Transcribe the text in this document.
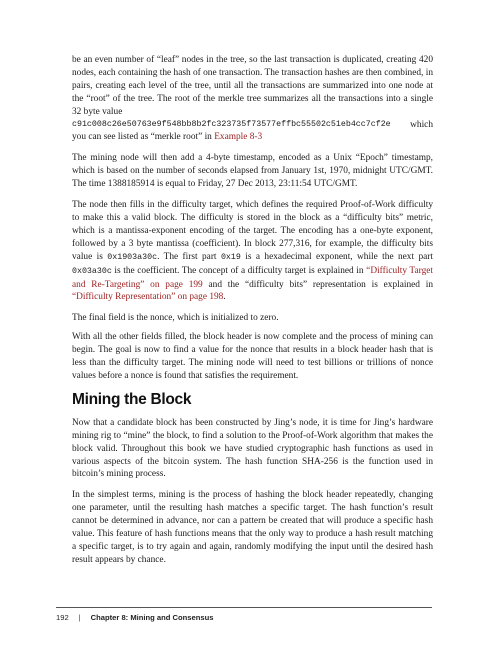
be an even number of “leaf” nodes in the tree, so the last transaction is duplicated, creating 420 nodes, each containing the hash of one transaction. The transaction hashes are then combined, in pairs, creating each level of the tree, until all the transactions are summarized into one node at the “root” of the tree. The root of the merkle tree summarizes all the transactions into a single 32 byte value
c91c008c26e50763e9f548bb8b2fc323735f73577effbc55502c51eb4cc7cf2e which
you can see listed as “merkle root” in Example 8-3

The mining node will then add a 4-byte timestamp, encoded as a Unix “Epoch” timestamp, which is based on the number of seconds elapsed from January 1st, 1970, midnight UTC/GMT. The time 1388185914 is equal to Friday, 27 Dec 2013, 23:11:54 UTC/GMT.

The node then fills in the difficulty target, which defines the required Proof-of-Work difficulty to make this a valid block. The difficulty is stored in the block as a “difficulty bits” metric, which is a mantissa-exponent encoding of the target. The encoding has a one-byte exponent, followed by a 3 byte mantissa (coefficient). In block 277,316, for example, the difficulty bits value is 0x1903a30c. The first part 0x19 is a hexadecimal exponent, while the next part 0x03a30c is the coefficient. The concept of a difficulty target is explained in “Difficulty Target and Re-Targeting” on page 199 and the “difficulty bits” representation is explained in “Difficulty Representation” on page 198.

The final field is the nonce, which is initialized to zero.

With all the other fields filled, the block header is now complete and the process of mining can begin. The goal is now to find a value for the nonce that results in a block header hash that is less than the difficulty target. The mining node will need to test billions or trillions of nonce values before a nonce is found that satisfies the requirement.

Mining the Block

Now that a candidate block has been constructed by Jing’s node, it is time for Jing’s hardware mining rig to “mine” the block, to find a solution to the Proof-of-Work algorithm that makes the block valid. Throughout this book we have studied cryptographic hash functions as used in various aspects of the bitcoin system. The hash function SHA-256 is the function used in bitcoin’s mining process.

In the simplest terms, mining is the process of hashing the block header repeatedly, changing one parameter, until the resulting hash matches a specific target. The hash function’s result cannot be determined in advance, nor can a pattern be created that will produce a specific hash value. This feature of hash functions means that the only way to produce a hash result matching a specific target, is to try again and again, randomly modifying the input until the desired hash result appears by chance.

192 | Chapter 8: Mining and Consensus
